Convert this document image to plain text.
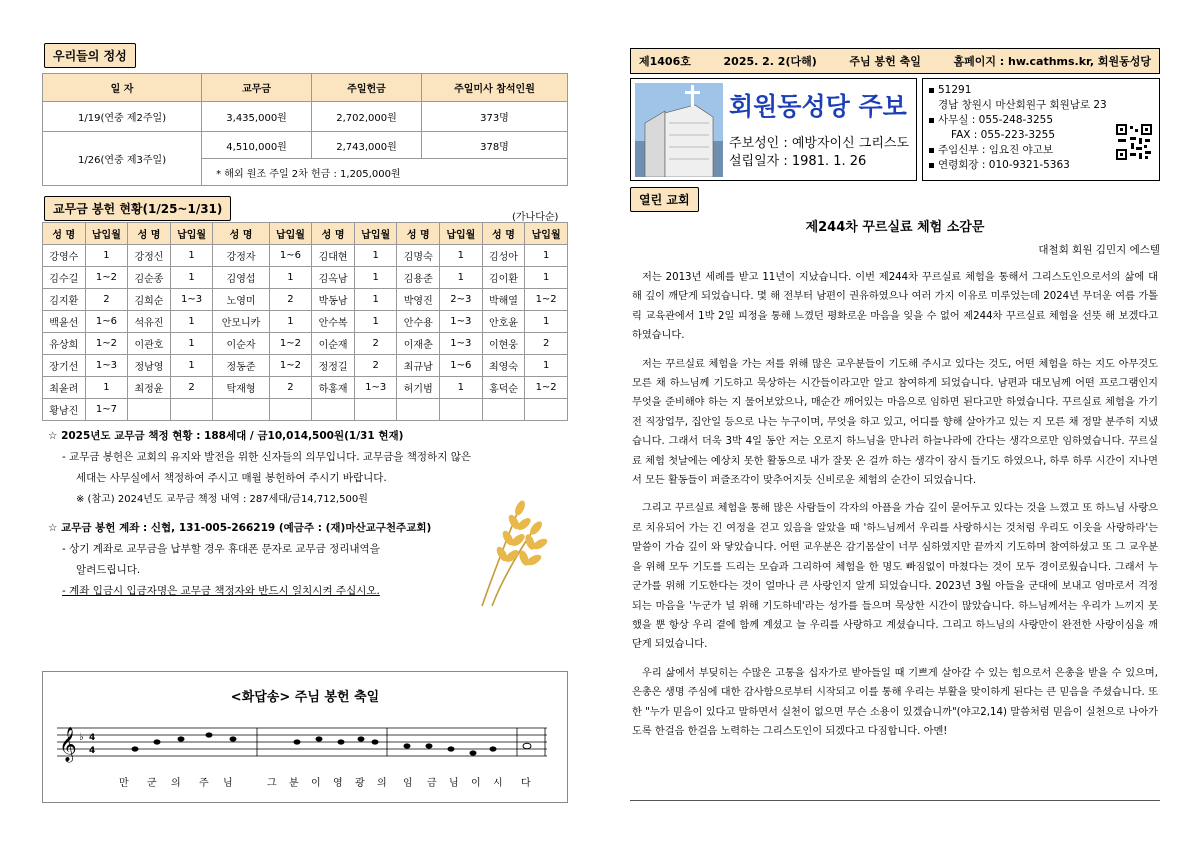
우리들의 정성
일 자	교무금	주일헌금	주일미사 참석인원
1/19(연중 제2주일)	3,435,000원	2,702,000원	373명
1/26(연중 제3주일)	4,510,000원	2,743,000원	378명
	* 해외 원조 주일 2차 헌금 : 1,205,000원		
교무금 봉헌 현황(1/25~1/31)
(가나다순)
성 명	납입월	성 명	납입월	성 명	납입월	성 명	납입월	성 명	납입월	성 명	납입월
강영수	1	강정신	1	강정자	1~6	김대현	1	김명숙	1	김성아	1
김수길	1~2	김순종	1	김영섭	1	김옥남	1	김용준	1	김이환	1
김지환	2	김희순	1~3	노영미	2	박동남	1	박영진	2~3	박해열	1~2
백윤선	1~6	석유진	1	안모니카	1	안수복	1	안수용	1~3	안호윤	1
유상희	1~2	이관호	1	이순자	1~2	이순재	2	이재춘	1~3	이현웅	2
장기선	1~3	정남영	1	정동준	1~2	정정길	2	최규남	1~6	최영숙	1
최윤려	1	최정윤	2	탁재형	2	하홍재	1~3	허기범	1	홍덕순	1~2
황남진	1~7										
☆ 2025년도 교무금 책정 현황 : 188세대 / 금10,014,500원(1/31 현재)
- 교무금 봉헌은 교회의 유지와 발전을 위한 신자들의 의무입니다. 교무금을 책정하지 않은
세대는 사무실에서 책정하여 주시고 매월 봉헌하여 주시기 바랍니다.
※ (참고) 2024년도 교무금 책정 내역 : 287세대/금14,712,500원
☆ 교무금 봉헌 계좌 : 신협, 131-005-266219 (예금주 : (재)마산교구천주교회)
- 상기 계좌로 교무금을 납부할 경우 휴대폰 문자로 교무금 정리내역을
알려드립니다.
- 계좌 입금시 입금자명은 교무금 책정자와 반드시 일치시켜 주십시오.
<화답송> 주님 봉헌 축일
𝄞 ♭ 4
4
만 군 의 주 님	그 분 이 영 광 의 임 금 님 이 시 다
제1406호	2025. 2. 2(다해)	주님 봉헌 축일	홈페이지 : hw.cathms.kr, 회원동성당
회원동성당 주보
주보성인 : 예방자이신 그리스도
설립일자 : 1981. 1. 26
51291
경남 창원시 마산회원구 회원남로 23
사무실 : 055-248-3255
FAX : 055-223-3255
주임신부 : 임요진 야고보
연령회장 : 010-9321-5363
열린 교회
제244차 꾸르실료 체험 소감문
대철회 회원 김민지 에스텔

저는 2013년 세례를 받고 11년이 지났습니다. 이번 제244차 꾸르실료 체험을 통해서 그리스도인으로서의 삶에 대해 깊이 깨닫게 되었습니다. 몇 해 전부터 남편이 권유하였으나 여러 가지 이유로 미루었는데 2024년 무더운 여름 가톨릭 교육관에서 1박 2일 피정을 통해 느꼈던 평화로운 마음을 잊을 수 없어 제244차 꾸르실료 체험을 선뜻 해 보겠다고 하였습니다.

저는 꾸르실료 체험을 가는 저를 위해 많은 교우분들이 기도해 주시고 있다는 것도, 어떤 체험을 하는 지도 아무것도 모른 채 하느님께 기도하고 묵상하는 시간들이라고만 알고 참여하게 되었습니다. 남편과 대모님께 어떤 프로그램인지 무엇을 준비해야 하는 지 물어보았으나, 매순간 깨어있는 마음으로 임하면 된다고만 하였습니다. 꾸르실료 체험을 가기 전 직장업무, 집안일 등으로 나는 누구이며, 무엇을 하고 있고, 어디를 향해 살아가고 있는 지 모른 채 정말 분주히 지냈습니다. 그래서 더욱 3박 4일 동안 저는 오로지 하느님을 만나러 하늘나라에 간다는 생각으로만 임하였습니다. 꾸르실료 체험 첫날에는 예상치 못한 활동으로 내가 잘못 온 걸까 하는 생각이 잠시 들기도 하였으나, 하루 하루 시간이 지나면서 모든 활동들이 퍼즐조각이 맞추어지듯 신비로운 체험의 순간이 되었습니다.

그리고 꾸르실료 체험을 통해 많은 사람들이 각자의 아픔을 가슴 깊이 묻어두고 있다는 것을 느꼈고 또 하느님 사랑으로 치유되어 가는 긴 여정을 걷고 있음을 알았을 때 '하느님께서 우리를 사랑하시는 것처럼 우리도 이웃을 사랑하라'는 말씀이 가슴 깊이 와 닿았습니다. 어떤 교우분은 감기몸살이 너무 심하였지만 끝까지 기도하며 참여하셨고 또 그 교우분을 위해 모두 기도를 드리는 모습과 그리하여 체험을 한 명도 빠짐없이 마쳤다는 것이 모두 경이로웠습니다. 그래서 누군가를 위해 기도한다는 것이 얼마나 큰 사랑인지 알게 되었습니다. 2023년 3월 아들을 군대에 보내고 엄마로서 걱정되는 마음을 '누군가 널 위해 기도하네'라는 성가를 들으며 묵상한 시간이 많았습니다. 하느님께서는 우리가 느끼지 못했을 뿐 항상 우리 곁에 함께 계셨고 늘 우리를 사랑하고 계셨습니다. 그리고 하느님의 사랑만이 완전한 사랑이심을 깨닫게 되었습니다.

우리 삶에서 부딪히는 수많은 고통을 십자가로 받아들일 때 기쁘게 살아갈 수 있는 힘으로서 은총을 받을 수 있으며, 은총은 생명 주심에 대한 감사함으로부터 시작되고 이를 통해 우리는 부활을 맞이하게 된다는 큰 믿음을 주셨습니다. 또한 "누가 믿음이 있다고 말하면서 실천이 없으면 무슨 소용이 있겠습니까"(야고2,14) 말씀처럼 믿음이 실천으로 나아가도록 한걸음 한걸음 노력하는 그리스도인이 되겠다고 다짐합니다. 아멘!
